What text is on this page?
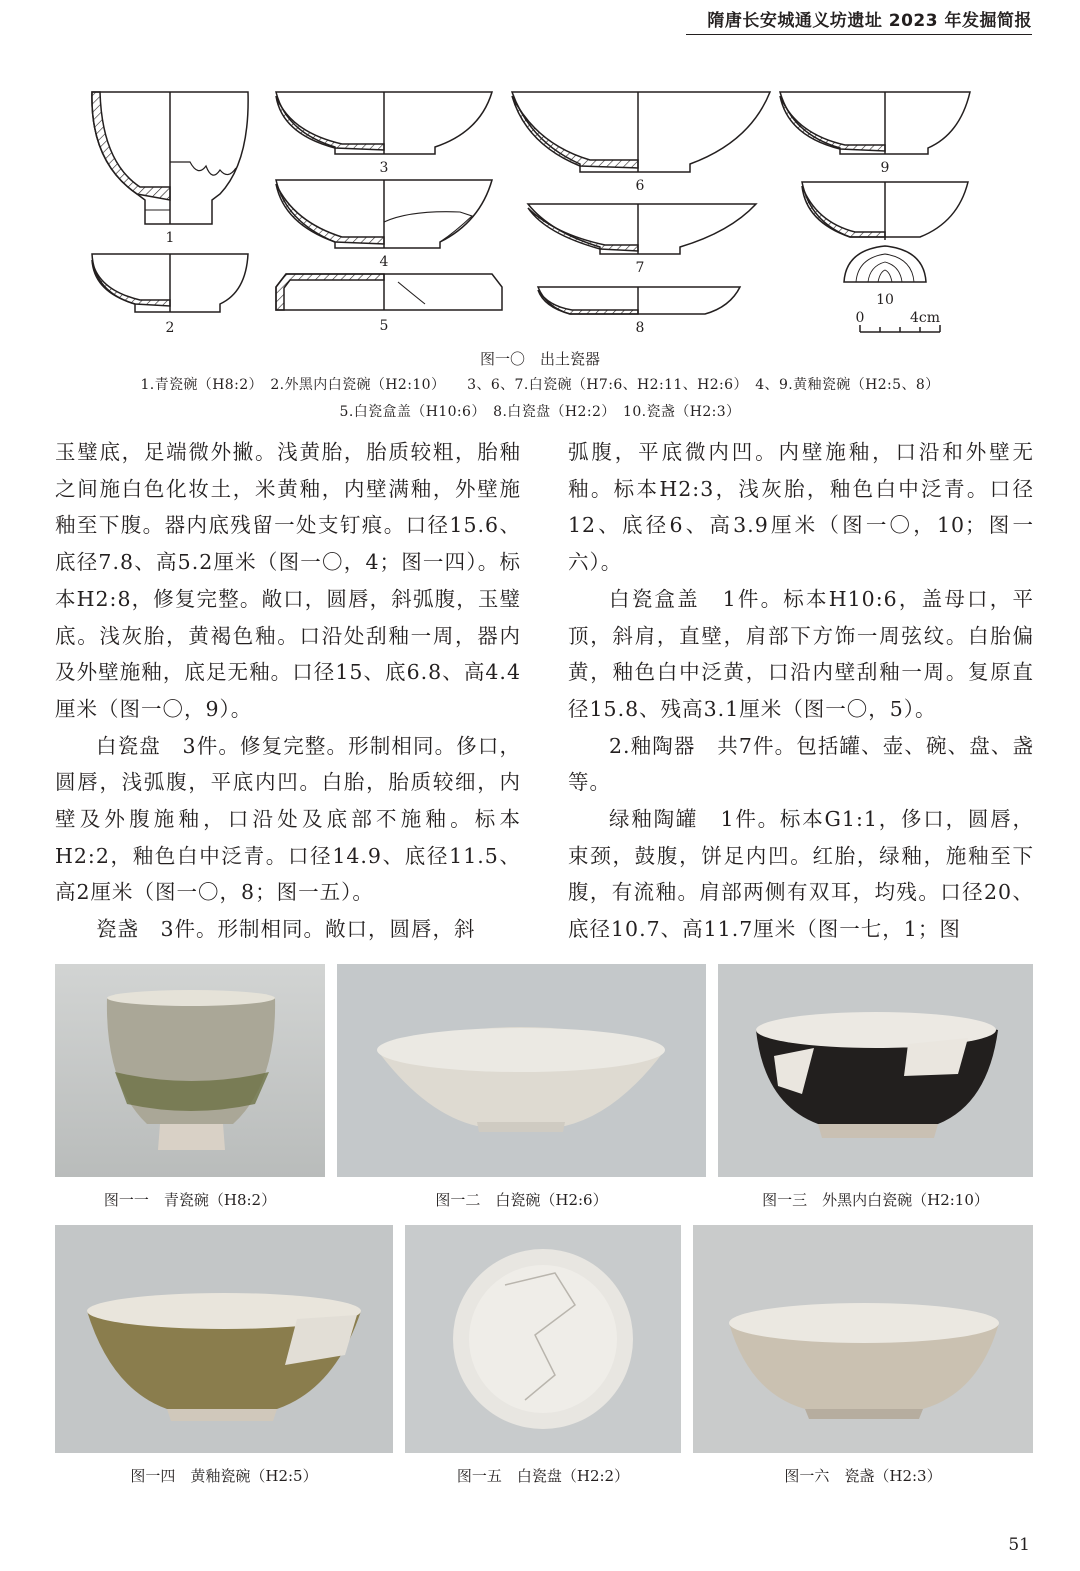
隋唐长安城通义坊遗址 2023 年发掘简报
1
2
3
4
5
6
7
8
9
10
0	4cm
图一〇　出土瓷器
1.青瓷碗（H8:2）　2.外黑内白瓷碗（H2:10）　　3、6、7.白瓷碗（H7:6、H2:11、H2:6）　4、9.黄釉瓷碗（H2:5、8）
5.白瓷盒盖（H10:6）　8.白瓷盘（H2:2）　10.瓷盏（H2:3）

玉璧底，足端微外撇。浅黄胎，胎质较粗，胎釉之间施白色化妆土，米黄釉，内壁满釉，外壁施釉至下腹。器内底残留一处支钉痕。口径15.6、底径7.8、高5.2厘米（图一〇，4；图一四）。标本H2:8，修复完整。敞口，圆唇，斜弧腹，玉璧底。浅灰胎，黄褐色釉。口沿处刮釉一周，器内及外壁施釉，底足无釉。口径15、底6.8、高4.4厘米（图一〇，9）。

白瓷盘　3件。修复完整。形制相同。侈口，圆唇，浅弧腹，平底内凹。白胎，胎质较细，内壁及外腹施釉，口沿处及底部不施釉。标本H2:2，釉色白中泛青。口径14.9、底径11.5、高2厘米（图一〇，8；图一五）。

瓷盏　3件。形制相同。敞口，圆唇，斜

弧腹，平底微内凹。内壁施釉，口沿和外壁无釉。标本H2:3，浅灰胎，釉色白中泛青。口径12、底径6、高3.9厘米（图一〇，10；图一六）。

白瓷盒盖　1件。标本H10:6，盖母口，平顶，斜肩，直壁，肩部下方饰一周弦纹。白胎偏黄，釉色白中泛黄，口沿内壁刮釉一周。复原直径15.8、残高3.1厘米（图一〇，5）。

2.釉陶器　共7件。包括罐、壶、碗、盘、盏等。

绿釉陶罐　1件。标本G1:1，侈口，圆唇，束颈，鼓腹，饼足内凹。红胎，绿釉，施釉至下腹，有流釉。肩部两侧有双耳，均残。口径20、底径10.7、高11.7厘米（图一七，1；图

图一一　青瓷碗（H8:2）	图一二　白瓷碗（H2:6）	图一三　外黑内白瓷碗（H2:10）
图一四　黄釉瓷碗（H2:5）	图一五　白瓷盘（H2:2）	图一六　瓷盏（H2:3）
51
